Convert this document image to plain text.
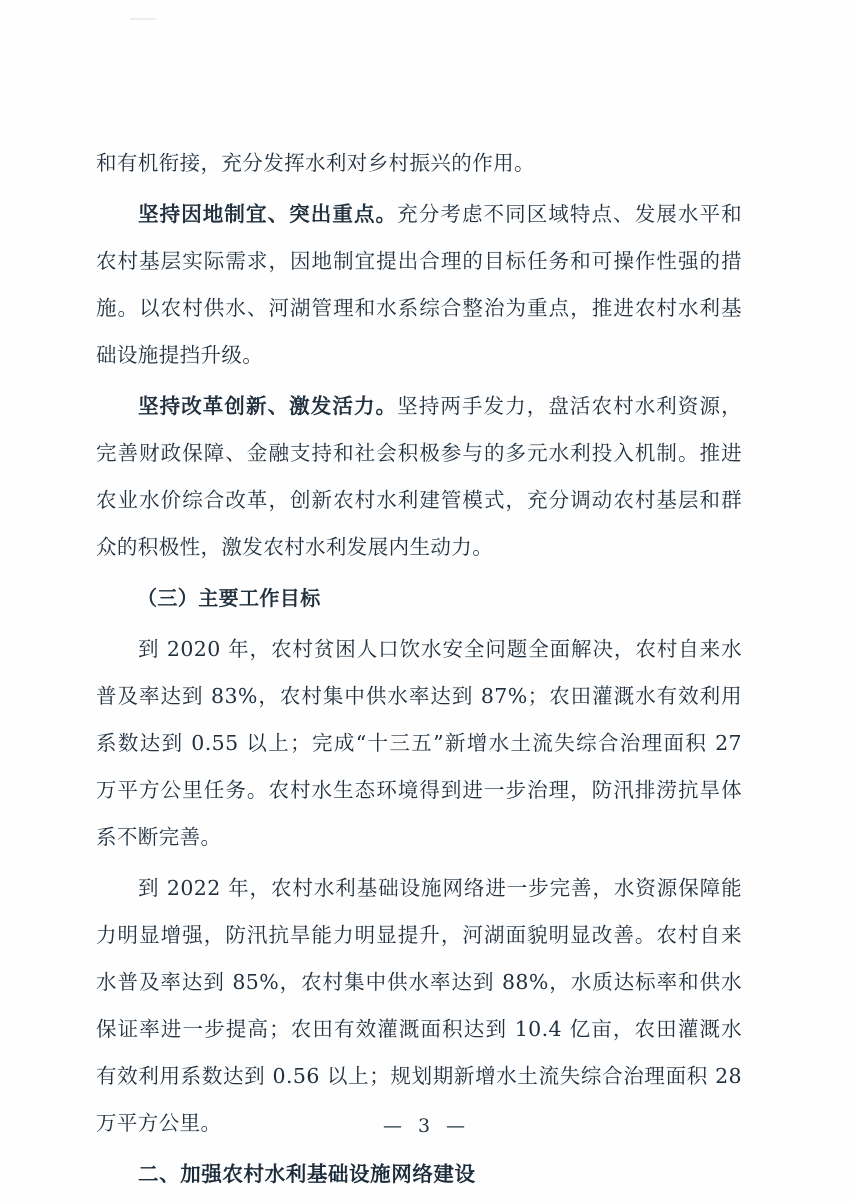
和有机衔接，充分发挥水利对乡村振兴的作用。

坚持因地制宜、突出重点。充分考虑不同区域特点、发展水平和农村基层实际需求，因地制宜提出合理的目标任务和可操作性强的措施。以农村供水、河湖管理和水系综合整治为重点，推进农村水利基础设施提挡升级。

坚持改革创新、激发活力。坚持两手发力，盘活农村水利资源，完善财政保障、金融支持和社会积极参与的多元水利投入机制。推进农业水价综合改革，创新农村水利建管模式，充分调动农村基层和群众的积极性，激发农村水利发展内生动力。

（三）主要工作目标

到 2020 年，农村贫困人口饮水安全问题全面解决，农村自来水普及率达到 83%，农村集中供水率达到 87%；农田灌溉水有效利用系数达到 0.55 以上；完成“十三五”新增水土流失综合治理面积 27 万平方公里任务。农村水生态环境得到进一步治理，防汛排涝抗旱体系不断完善。

到 2022 年，农村水利基础设施网络进一步完善，水资源保障能力明显增强，防汛抗旱能力明显提升，河湖面貌明显改善。农村自来水普及率达到 85%，农村集中供水率达到 88%，水质达标率和供水保证率进一步提高；农田有效灌溉面积达到 10.4 亿亩，农田灌溉水有效利用系数达到 0.56 以上；规划期新增水土流失综合治理面积 28 万平方公里。

二、加强农村水利基础设施网络建设

— 3 —
